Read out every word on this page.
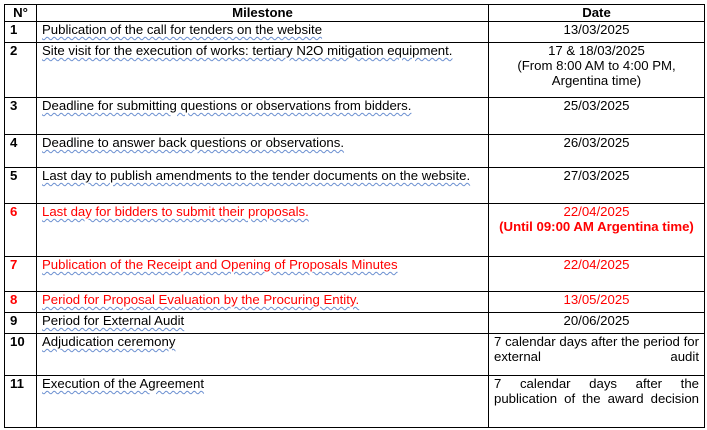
N°	Milestone	Date
1	Publication of the call for tenders on the website	13/03/2025
2	Site visit for the execution of works: tertiary N2O mitigation equipment.	17 & 18/03/2025
(From 8:00 AM to 4:00 PM, Argentina time)

3	Deadline for submitting questions or observations from bidders.	25/03/2025
4	Deadline to answer back questions or observations.	26/03/2025
5	Last day to publish amendments to the tender documents on the website.	27/03/2025
6	Last day for bidders to submit their proposals.	22/04/2025
(Until 09:00 AM Argentina time)

7	Publication of the Receipt and Opening of Proposals Minutes	22/04/2025
8	Period for Proposal Evaluation by the Procuring Entity.	13/05/2025
9	Period for External Audit	20/06/2025
10	Adjudication ceremony	7 calendar days after the period for external audit
11	Execution of the Agreement	7 calendar days after the publication of the award decision
